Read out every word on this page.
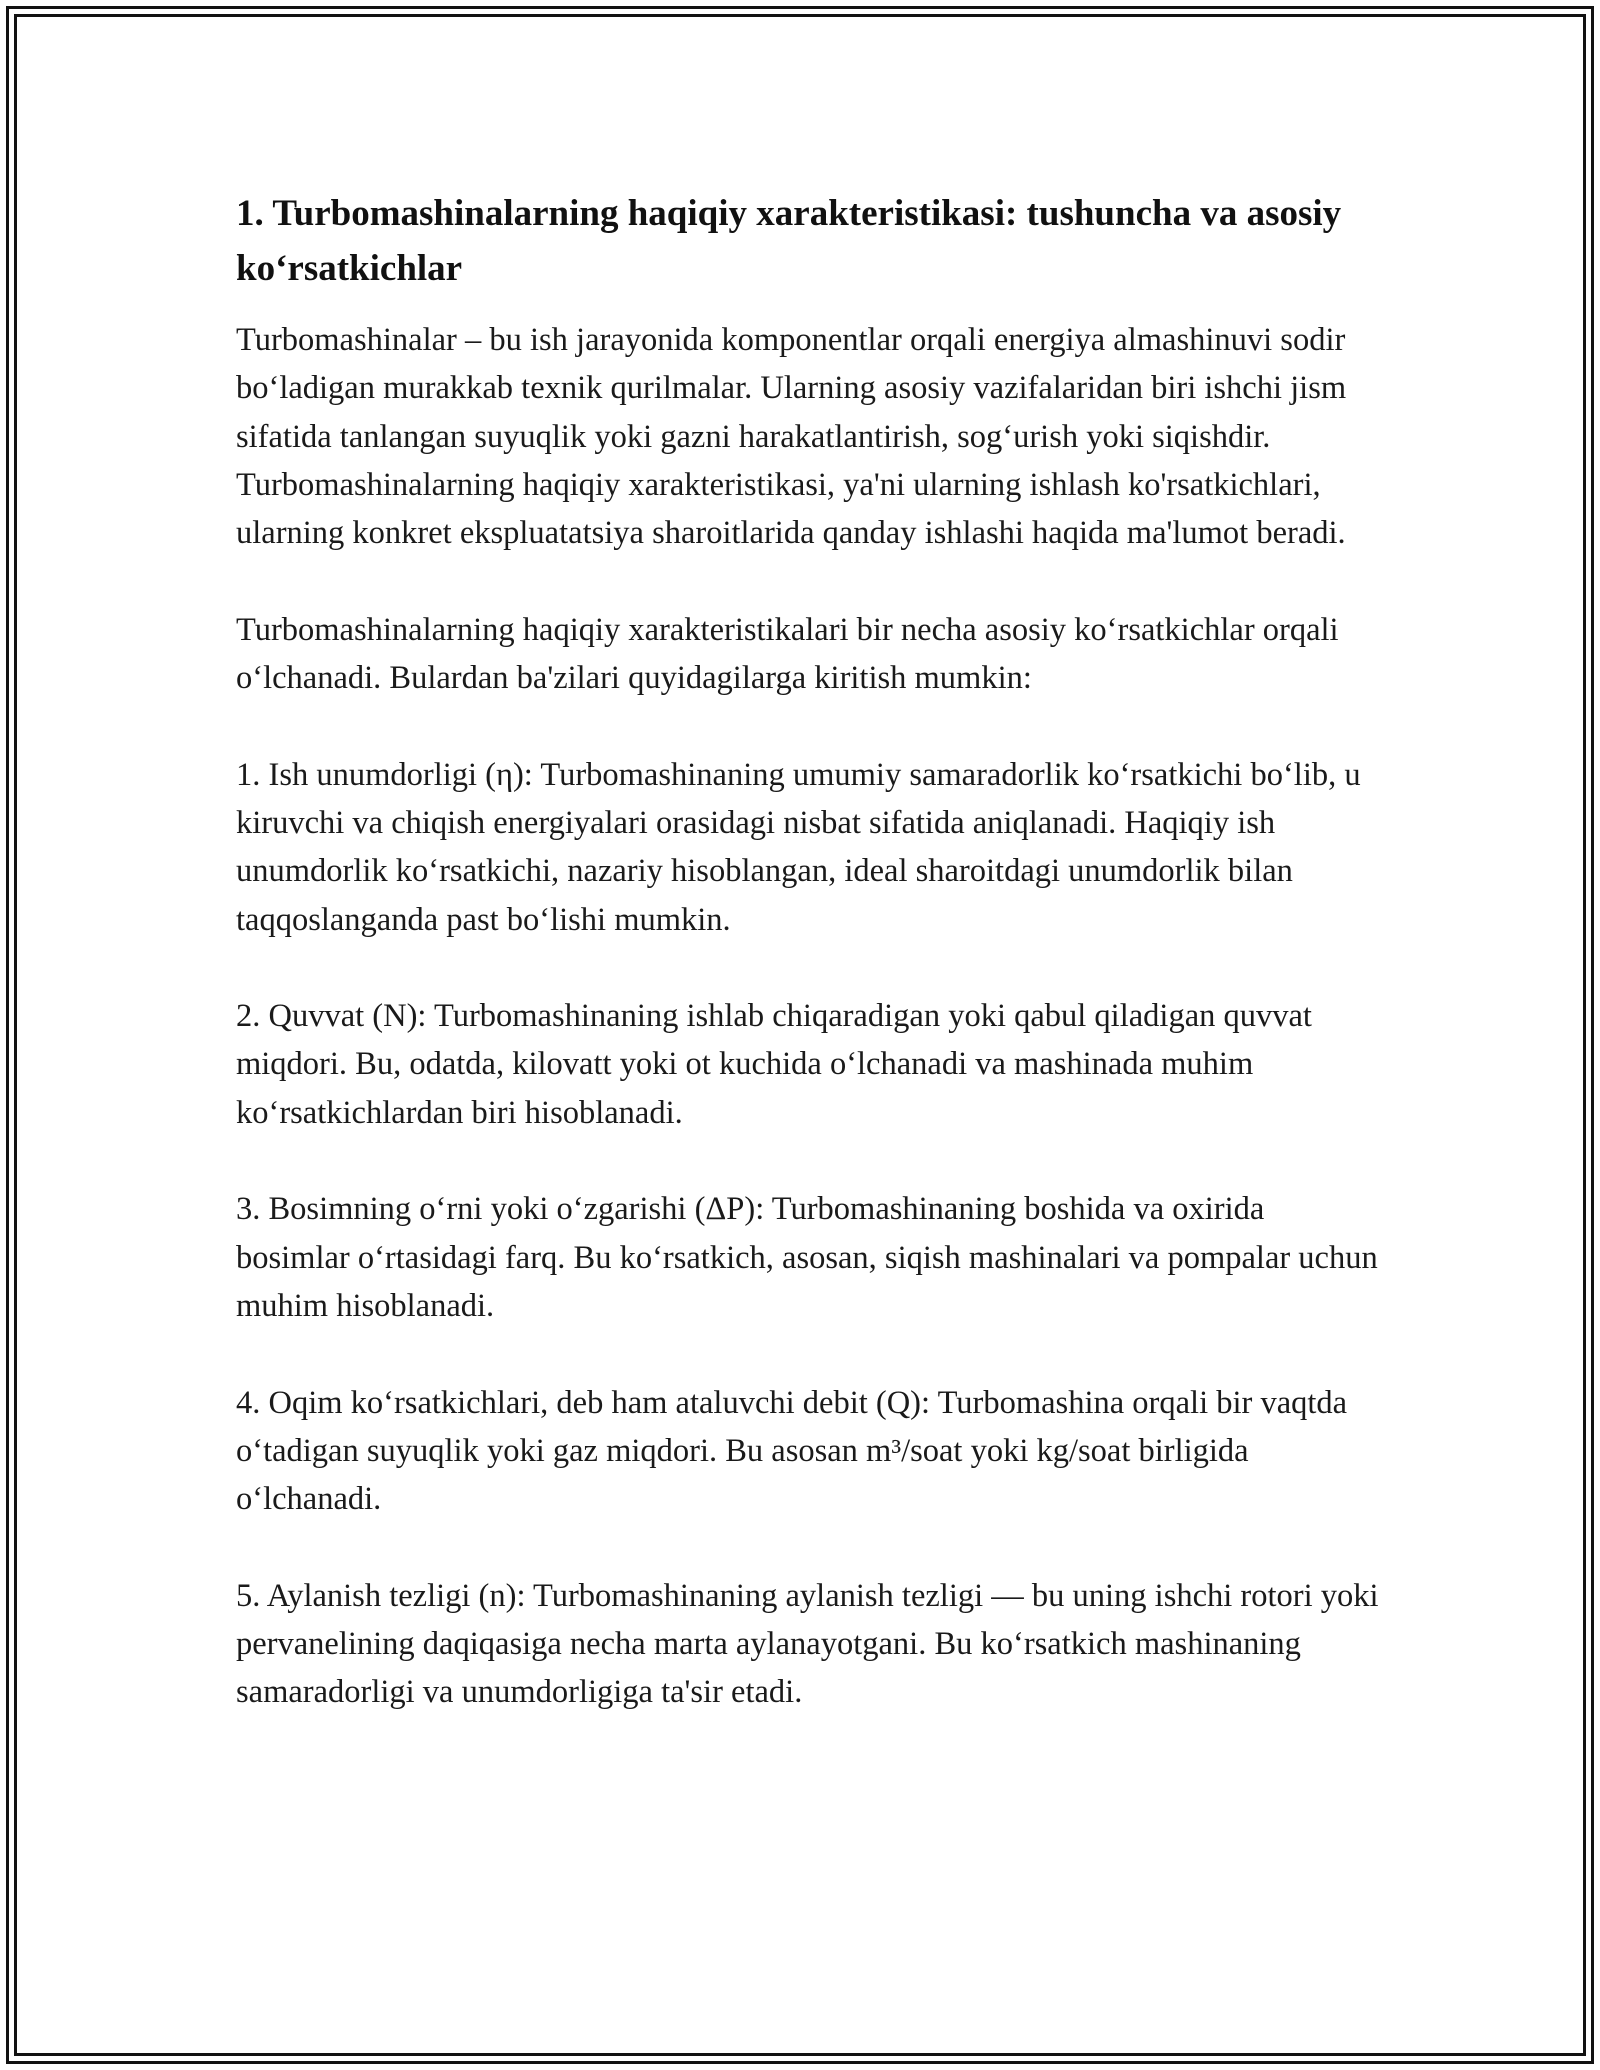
1. Turbomashinalarning haqiqiy xarakteristikasi: tushuncha va asosiy koʻrsatkichlar

Turbomashinalar – bu ish jarayonida komponentlar orqali energiya almashinuvi sodir boʻladigan murakkab texnik qurilmalar. Ularning asosiy vazifalaridan biri ishchi jism sifatida tanlangan suyuqlik yoki gazni harakatlantirish, sogʻurish yoki siqishdir. Turbomashinalarning haqiqiy xarakteristikasi, ya'ni ularning ishlash ko'rsatkichlari, ularning konkret ekspluatatsiya sharoitlarida qanday ishlashi haqida ma'lumot beradi.

Turbomashinalarning haqiqiy xarakteristikalari bir necha asosiy koʻrsatkichlar orqali oʻlchanadi. Bulardan ba'zilari quyidagilarga kiritish mumkin:

1. Ish unumdorligi (η): Turbomashinaning umumiy samaradorlik koʻrsatkichi boʻlib, u kiruvchi va chiqish energiyalari orasidagi nisbat sifatida aniqlanadi. Haqiqiy ish unumdorlik koʻrsatkichi, nazariy hisoblangan, ideal sharoitdagi unumdorlik bilan taqqoslanganda past boʻlishi mumkin.

2. Quvvat (N): Turbomashinaning ishlab chiqaradigan yoki qabul qiladigan quvvat miqdori. Bu, odatda, kilovatt yoki ot kuchida oʻlchanadi va mashinada muhim koʻrsatkichlardan biri hisoblanadi.

3. Bosimning oʻrni yoki oʻzgarishi (ΔP): Turbomashinaning boshida va oxirida bosimlar oʻrtasidagi farq. Bu koʻrsatkich, asosan, siqish mashinalari va pompalar uchun muhim hisoblanadi.

4. Oqim koʻrsatkichlari, deb ham ataluvchi debit (Q): Turbomashina orqali bir vaqtda oʻtadigan suyuqlik yoki gaz miqdori. Bu asosan m³/soat yoki kg/soat birligida oʻlchanadi.

5. Aylanish tezligi (n): Turbomashinaning aylanish tezligi — bu uning ishchi rotori yoki pervanelining daqiqasiga necha marta aylanayotgani. Bu koʻrsatkich mashinaning samaradorligi va unumdorligiga ta'sir etadi.
